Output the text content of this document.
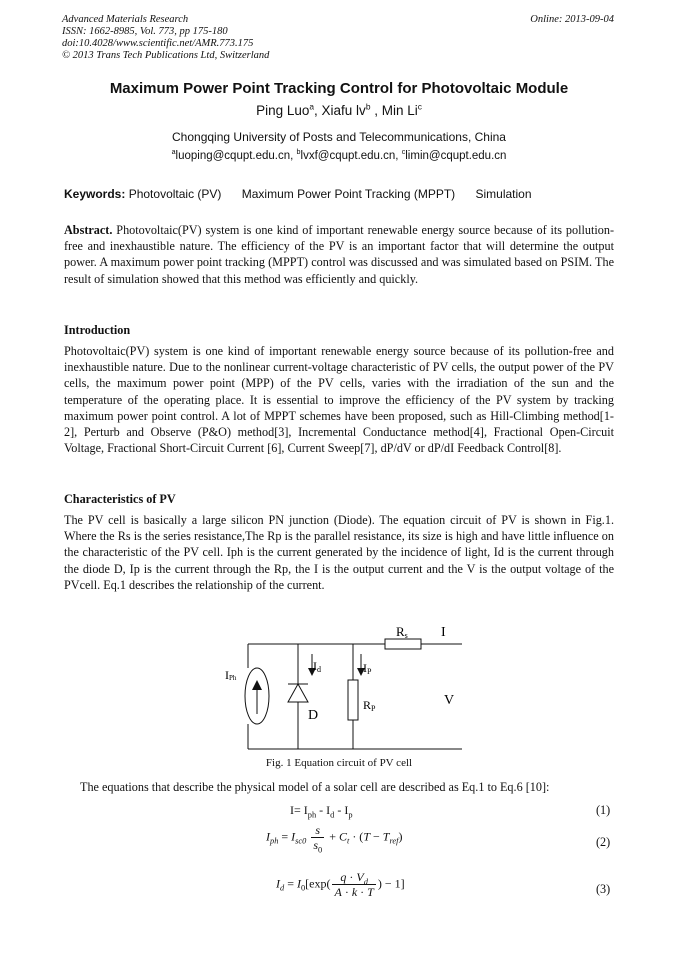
Advanced Materials Research
ISSN: 1662-8985, Vol. 773, pp 175-180
doi:10.4028/www.scientific.net/AMR.773.175
© 2013 Trans Tech Publications Ltd, Switzerland
Online: 2013-09-04
Maximum Power Point Tracking Control for Photovoltaic Module
Ping Luo$^a$, Xiafu $lv^b$ , Min Li$^c$
Chongqing University of Posts and Telecommunications, China
$^a$luoping@cqupt.edu.cn, $^b$lvxf@cqupt.edu.cn, $^c$limin@cqupt.edu.cn
Keywords: Photovoltaic (PV) Maximum Power Point Tracking (MPPT) Simulation
Abstract. Photovoltaic(PV) system is one kind of important renewable energy source because of its pollution-free and inexhaustible nature. The efficiency of the PV is an important factor that will determine the output power. A maximum power point tracking (MPPT) control was discussed and was simulated based on PSIM. The result of simulation showed that this method was efficiently and quickly.
Introduction
Photovoltaic(PV) system is one kind of important renewable energy source because of its pollution-free and inexhaustible nature. Due to the nonlinear current-voltage characteristic of PV cells, the output power of the PV cells, the maximum power point (MPP) of the PV cells, varies with the irradiation of the sun and the temperature of the operating place. It is essential to improve the efficiency of the PV system by tracking maximum power point control. A lot of MPPT schemes have been proposed, such as Hill-Climbing method[1-2], Perturb and Observe (P&O) method[3], Incremental Conductance method[4], Fractional Open-Circuit Voltage, Fractional Short-Circuit Current [6], Current Sweep[7], dP/dV or dP/dI Feedback Control[8].
Characteristics of PV
The PV cell is basically a large silicon PN junction (Diode). The equation circuit of PV is shown in Fig.1. Where the Rs is the series resistance,The Rp is the parallel resistance, its size is high and have little influence on the characteristic of the PV cell. Iph is the current generated by the incidence of light, Id is the current through the diode D, Ip is the current through the Rp, the I is the output current and the V is the output voltage of the PVcell. Eq.1 describes the relationship of the current.
IPh
Id	IP
Rs
RP
D
I
V
Fig. 1 Equation circuit of PV cell
The equations that describe the physical model of a solar cell are described as Eq.1 to Eq.6 [10]:
$I= I_{ph} - I_d - I_p$	(1)
$I_{ph} = I_{sc0} \frac{s}{s_0} + C_t \cdot (T - T_{ref})$	(2)
$I_d = I_0[\exp( \frac{q \cdot V_d}{A \cdot k \cdot T}$ ) − 1]	(3)
